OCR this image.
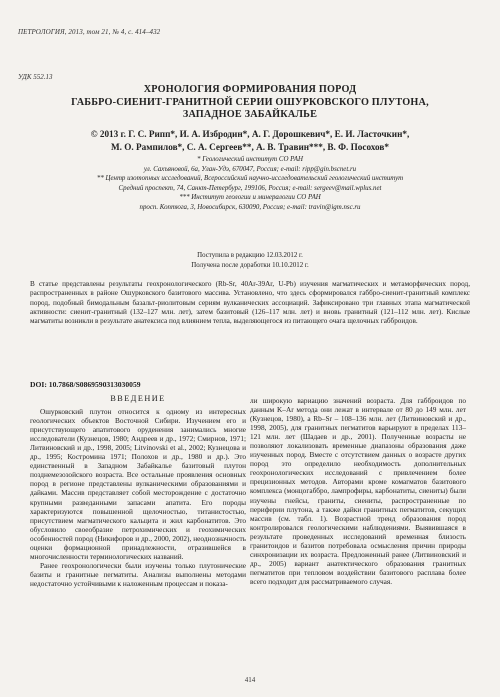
ПЕТРОЛОГИЯ, 2013, том 21, № 4, с. 414–432
УДК 552.13
ХРОНОЛОГИЯ ФОРМИРОВАНИЯ ПОРОД
ГАББРО-СИЕНИТ-ГРАНИТНОЙ СЕРИИ ОШУРКОВСКОГО ПЛУТОНА,
ЗАПАДНОЕ ЗАБАЙКАЛЬЕ
© 2013 г. Г. С. Рипп*, И. А. Избродин*, А. Г. Дорошкевич*, Е. И. Ласточкин*,
М. О. Рампилов*, С. А. Сергеев**, А. В. Травин***, В. Ф. Посохов*
* Геологический институт СО РАН
ул. Сахъяновой, 6а, Улан-Удэ, 670047, Россия; e-mail: ripp@gin.bscnet.ru
** Центр изотопных исследований, Всероссийский научно-исследовательский геологический институт
Средний проспект, 74, Санкт-Петербург, 199106, Россия; e-mail: sergeev@mail.wplus.net
*** Институт геологии и минералогии СО РАН
просп. Коптюга, 3, Новосибирск, 630090, Россия; e-mail: travin@igm.nsc.ru
Поступила в редакцию 12.03.2012 г.
Получена после доработки 10.10.2012 г.
В статье представлены результаты геохронологического (Rb-Sr, 40Ar-39Ar, U-Pb) изучения магматических и метаморфических пород, распространенных в районе Ошурковского базитового массива. Установлено, что здесь сформировался габбро-сиенит-гранитный комплекс пород, подобный бимодальным базальт-риолитовым сериям вулканических ассоциаций. Зафиксировано три главных этапа магматической активности: сиенит-гранитный (132–127 млн. лет), затем базитовый (126–117 млн. лет) и вновь гранитный (121–112 млн. лет). Кислые магматиты возникли в результате анатексиса под влиянием тепла, выделяющегося из питающего очага щелочных габброидов.
DOI: 10.7868/S0869590313030059
ВВЕДЕНИЕ

Ошурковский плутон относится к одному из интересных геологических объектов Восточной Сибири. Изучением его и присутствующего апатитового оруденения занимались многие исследователи (Кузнецов, 1980; Андреев и др., 1972; Смирнов, 1971; Литвиновский и др., 1998, 2005; Litvinovski et al., 2002; Кузнецова и др., 1995; Костромина 1971; Полохов и др., 1980 и др.). Это единственный в Западном Забайкалье базитовый плутон позднемезозойского возраста. Все остальные проявления основных пород в регионе представлены вулканическими образованиями и дайками. Массив представляет собой месторождение с достаточно крупными разведанными запасами апатита. Его породы характеризуются повышенной щелочностью, титанистостью, присутствием магматического кальцита и жил карбонатитов. Это обусловило своеобразие петрохимических и геохимических особенностей пород (Никифоров и др., 2000, 2002), неоднозначность оценки формационной принадлежности, отразившейся в многочисленности терминологических названий.

Ранее геохронологически были изучены только плутонические базиты и гранитные пегматиты. Анализы выполнены методами недостаточно устойчивыми к наложенным процессам и показа-

ли широкую вариацию значений возраста. Для габброидов по данным K–Ar метода они лежат в интервале от 80 до 149 млн. лет (Кузнецов, 1980), а Rb–Sr – 108–136 млн. лет (Литвиновский и др., 1998, 2005), для гранитных пегматитов варьируют в пределах 113–121 млн. лет (Шадаев и др., 2001). Полученные возрасты не позволяют локализовать временные диапазоны образования даже изученных пород. Вместе с отсутствием данных о возрасте других пород это определило необходимость дополнительных геохронологических исследований с привлечением более прецизионных методов. Авторами кроме комагматов базитового комплекса (монцогаббро, лампрофиры, карбонатиты, сиениты) были изучены гнейсы, граниты, сиениты, распространенные по периферии плутона, а также дайки гранитных пегматитов, секущих массив (см. табл. 1). Возрастной тренд образования пород контролировался геологическими наблюдениями. Выявившаяся в результате проведенных исследований временная близость гранитоидов и базитов потребовала осмысления причин природы синхронизации их возраста. Предложенный ранее (Литвиновский и др., 2005) вариант анатектического образования гранитных пегматитов при тепловом воздействии базитового расплава более всего подходит для рассматриваемого случая.

414
